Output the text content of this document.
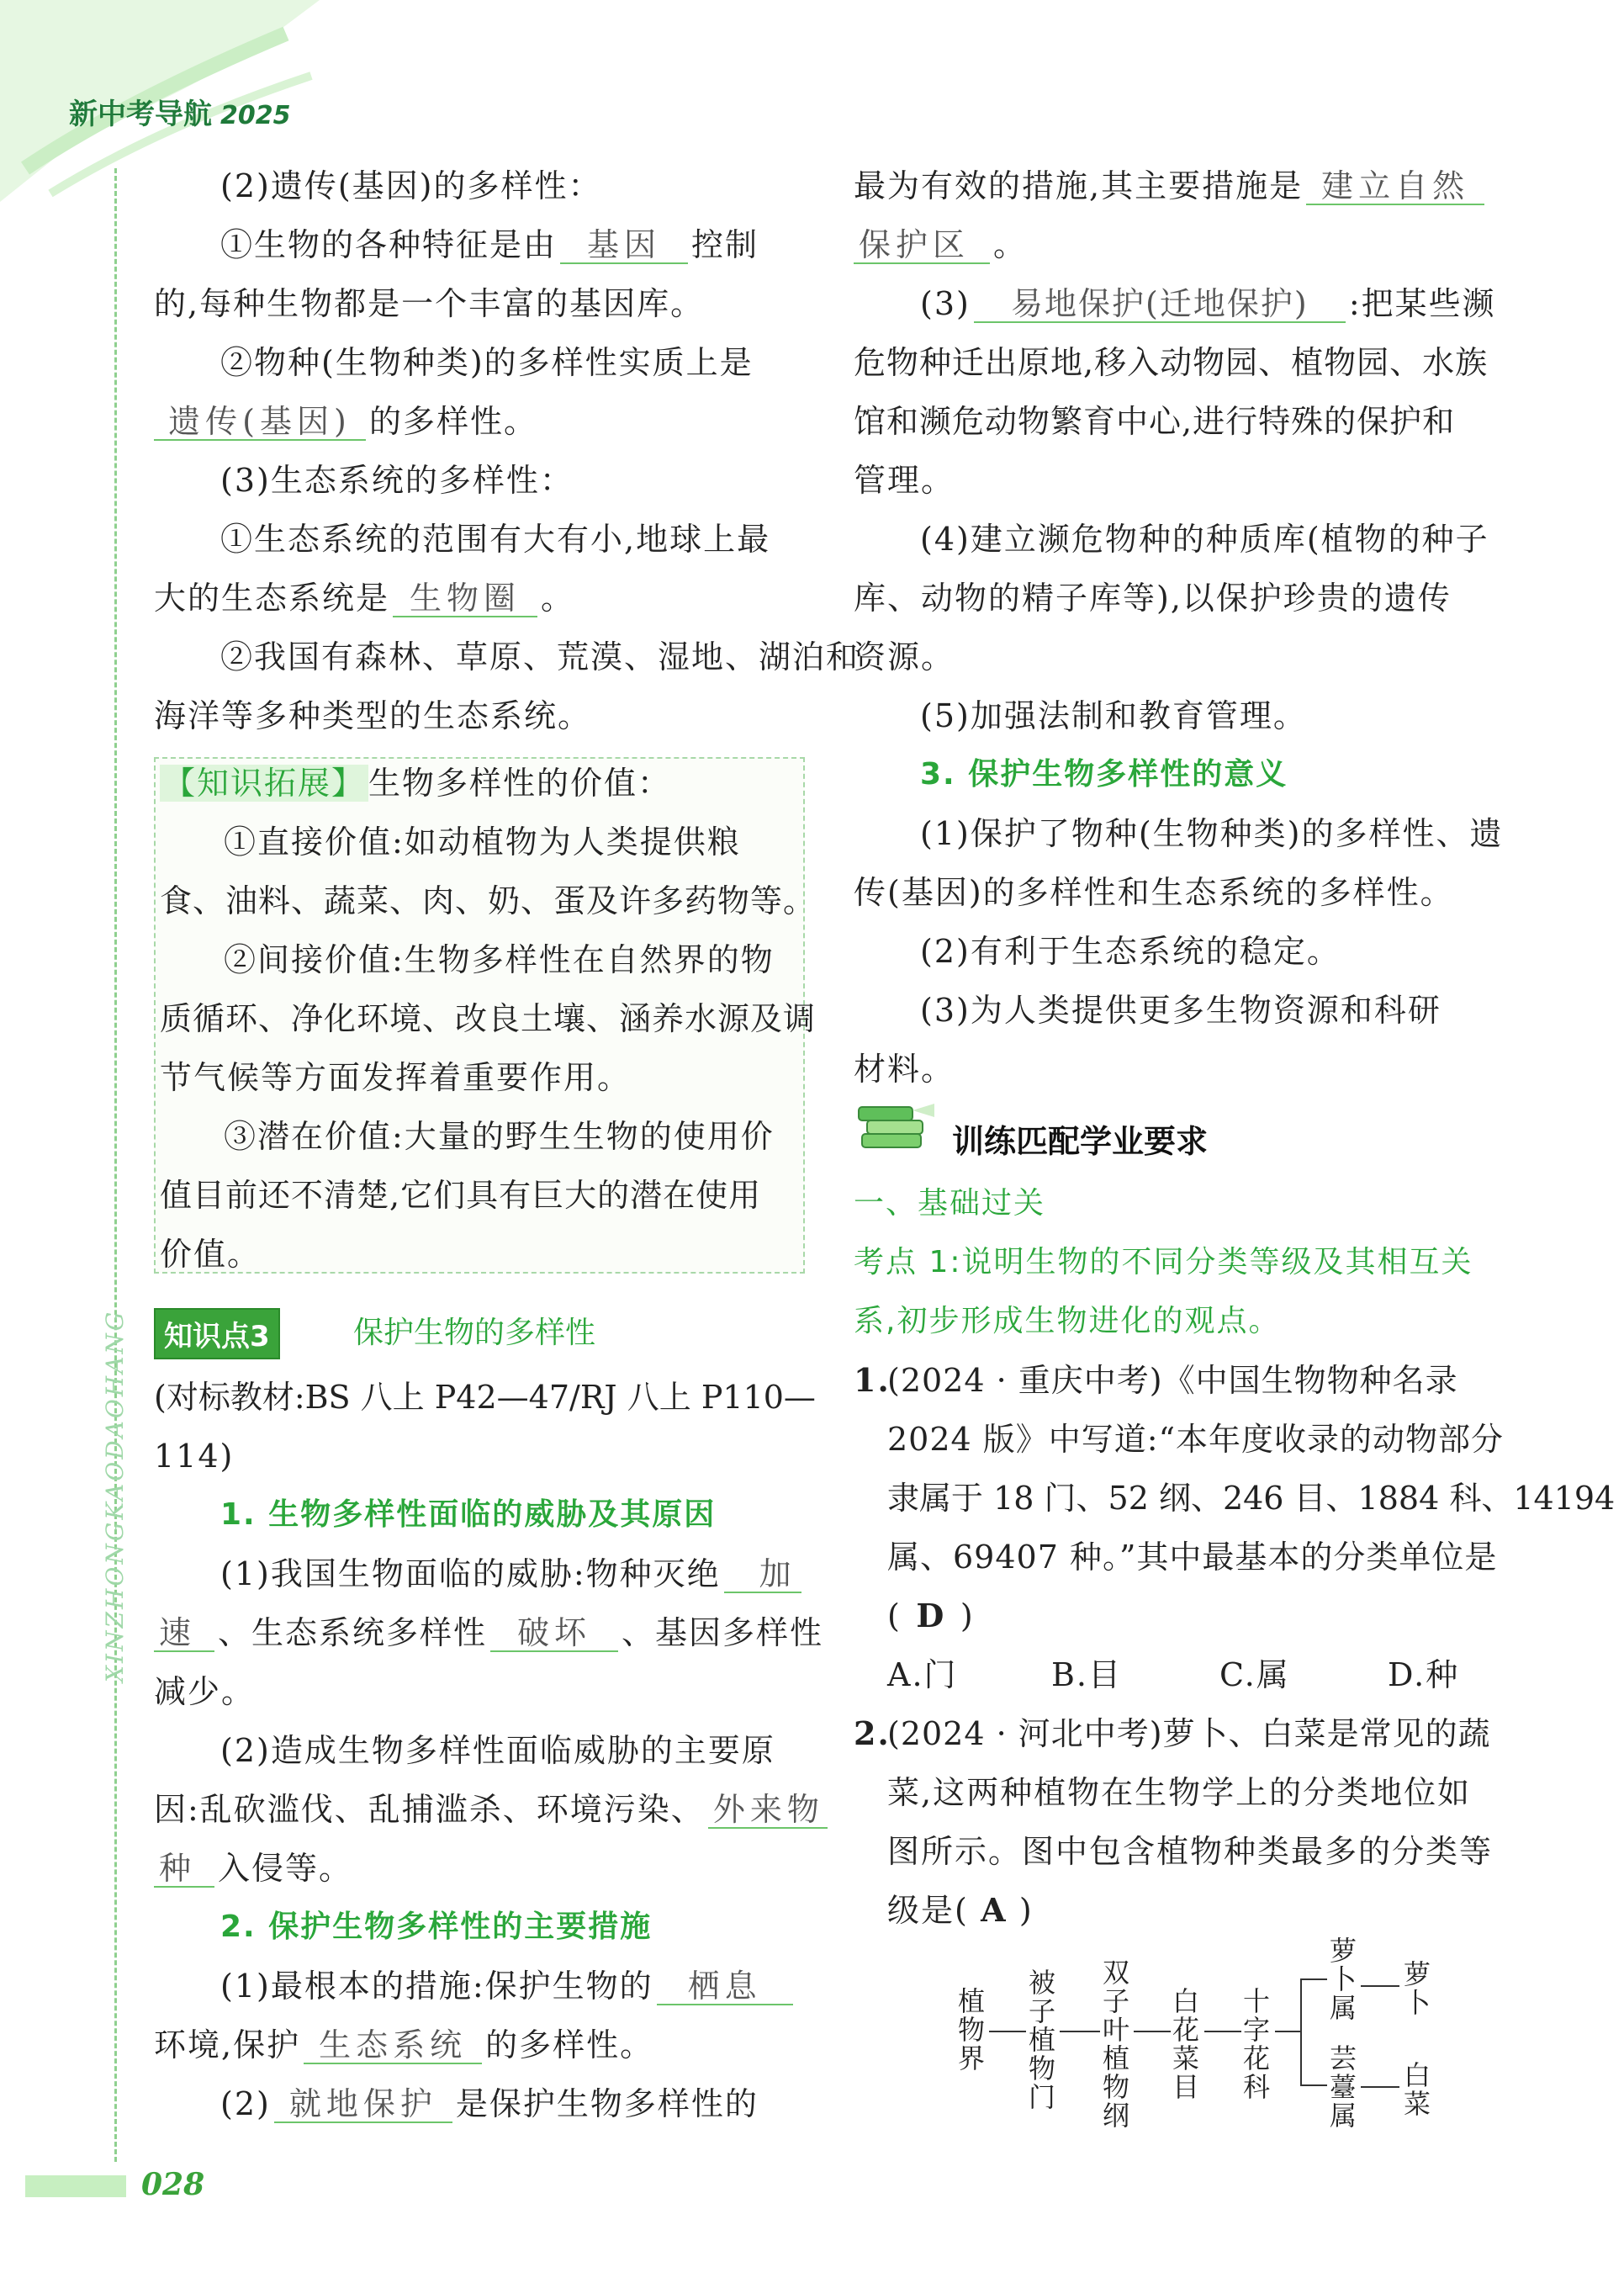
新中考导航 2025
XINZHONGKAODAOHANG
028
(2)遗传(基因)的多样性：
①生物的各种特征是由 基因 控制
的,每种生物都是一个丰富的基因库。
②物种(生物种类)的多样性实质上是
遗传(基因) 的多样性。
(3)生态系统的多样性：
①生态系统的范围有大有小,地球上最
大的生态系统是 生物圈 。
②我国有森林、草原、荒漠、湿地、湖泊和
海洋等多种类型的生态系统。
【知识拓展】 生物多样性的价值：
①直接价值:如动植物为人类提供粮
食、油料、蔬菜、肉、奶、蛋及许多药物等。
②间接价值:生物多样性在自然界的物
质循环、净化环境、改良土壤、涵养水源及调
节气候等方面发挥着重要作用。
③潜在价值:大量的野生生物的使用价
值目前还不清楚,它们具有巨大的潜在使用
价值。
知识点3	保护生物的多样性
(对标教材:BS 八上 P42—47/RJ 八上 P110—
114)
1. 生物多样性面临的威胁及其原因
(1)我国生物面临的威胁:物种灭绝 加
速 、生态系统多样性 破坏 、基因多样性
减少。
(2)造成生物多样性面临威胁的主要原
因:乱砍滥伐、乱捕滥杀、环境污染、 外来物
种 入侵等。
2. 保护生物多样性的主要措施
(1)最根本的措施:保护生物的 栖息
环境,保护 生态系统 的多样性。
(2) 就地保护 是保护生物多样性的
最为有效的措施,其主要措施是 建立自然
保护区 。
(3) 易地保护(迁地保护) :把某些濒
危物种迁出原地,移入动物园、植物园、水族
馆和濒危动物繁育中心,进行特殊的保护和
管理。
(4)建立濒危物种的种质库(植物的种子
库、动物的精子库等),以保护珍贵的遗传
资源。
(5)加强法制和教育管理。
3. 保护生物多样性的意义
(1)保护了物种(生物种类)的多样性、遗
传(基因)的多样性和生态系统的多样性。
(2)有利于生态系统的稳定。
(3)为人类提供更多生物资源和科研
材料。
训练匹配学业要求
一、基础过关
考点 1:说明生物的不同分类等级及其相互关
系,初步形成生物进化的观点。
1.
(2024 · 重庆中考)《中国生物物种名录
2024 版》中写道:“本年度收录的动物部分
隶属于 18 门、52 纲、246 目、1884 科、14194
属、69407 种。”其中最基本的分类单位是
( D )
A.门	B.目	C.属	D.种
2.
(2024 · 河北中考)萝卜、白菜是常见的蔬
菜,这两种植物在生物学上的分类地位如
图所示。图中包含植物种类最多的分类等
级是( A )
植物界
被子植物门
双子叶植物纲
白花菜目
十字花科
萝卜属
芸薹属
萝卜
白菜
